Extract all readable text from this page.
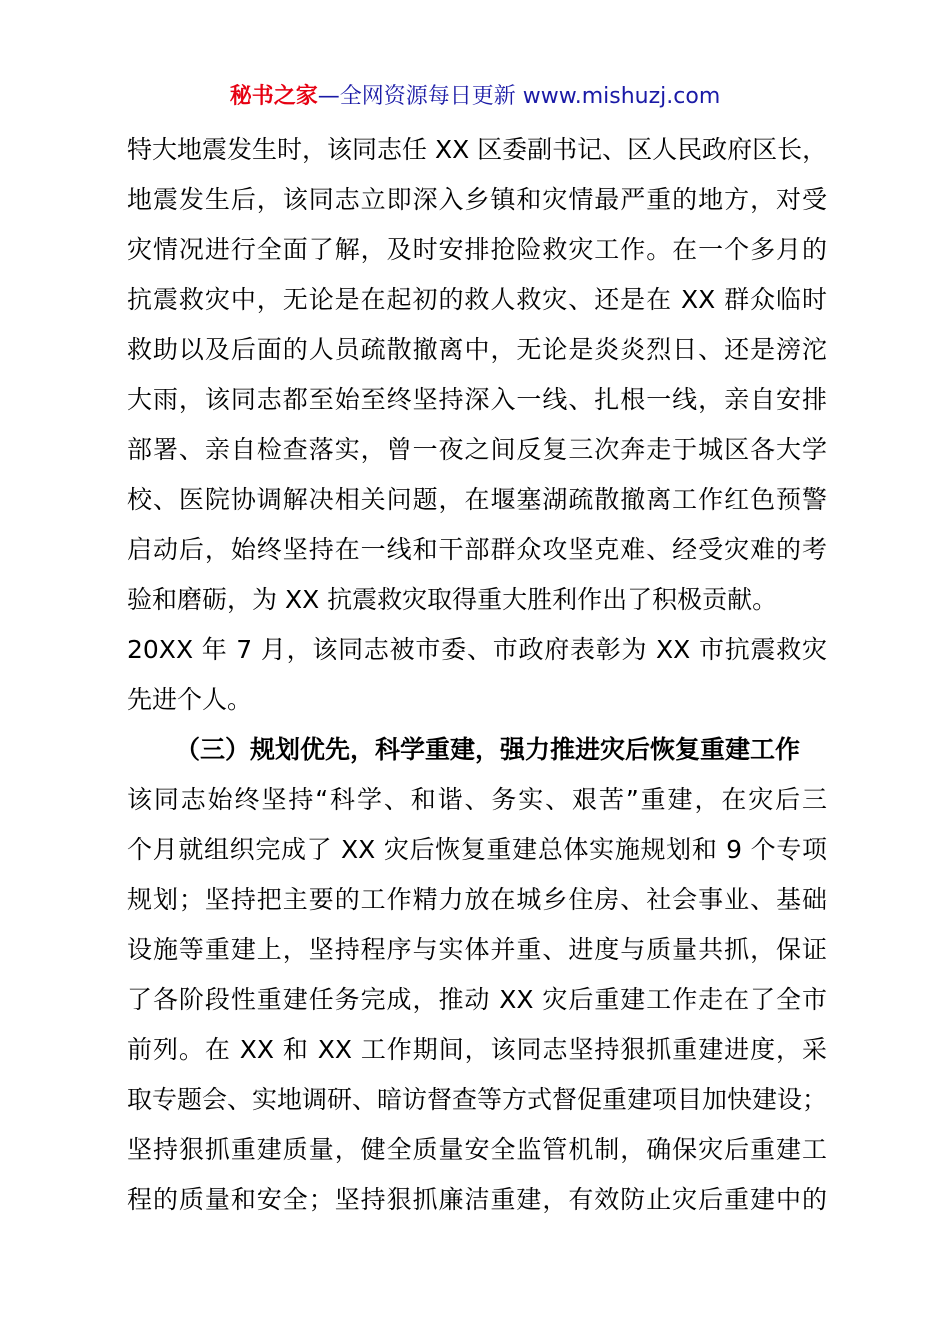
秘书之家—全网资源每日更新 www.mishuzj.com
特大地震发生时，该同志任 XX 区委副书记、区人民政府区长，
地震发生后，该同志立即深入乡镇和灾情最严重的地方，对受
灾情况进行全面了解，及时安排抢险救灾工作。在一个多月的
抗震救灾中，无论是在起初的救人救灾、还是在 XX 群众临时
救助以及后面的人员疏散撤离中，无论是炎炎烈日、还是滂沱
大雨，该同志都至始至终坚持深入一线、扎根一线，亲自安排
部署、亲自检查落实，曾一夜之间反复三次奔走于城区各大学
校、医院协调解决相关问题，在堰塞湖疏散撤离工作红色预警
启动后，始终坚持在一线和干部群众攻坚克难、经受灾难的考
验和磨砺，为 XX 抗震救灾取得重大胜利作出了积极贡献。
20XX 年 7 月，该同志被市委、市政府表彰为 XX 市抗震救灾
先进个人。
（三）规划优先，科学重建，强力推进灾后恢复重建工作
该同志始终坚持“科学、和谐、务实、艰苦”重建，在灾后三
个月就组织完成了 XX 灾后恢复重建总体实施规划和 9 个专项
规划；坚持把主要的工作精力放在城乡住房、社会事业、基础
设施等重建上，坚持程序与实体并重、进度与质量共抓，保证
了各阶段性重建任务完成，推动 XX 灾后重建工作走在了全市
前列。在 XX 和 XX 工作期间，该同志坚持狠抓重建进度，采
取专题会、实地调研、暗访督查等方式督促重建项目加快建设；
坚持狠抓重建质量，健全质量安全监管机制，确保灾后重建工
程的质量和安全；坚持狠抓廉洁重建，有效防止灾后重建中的
